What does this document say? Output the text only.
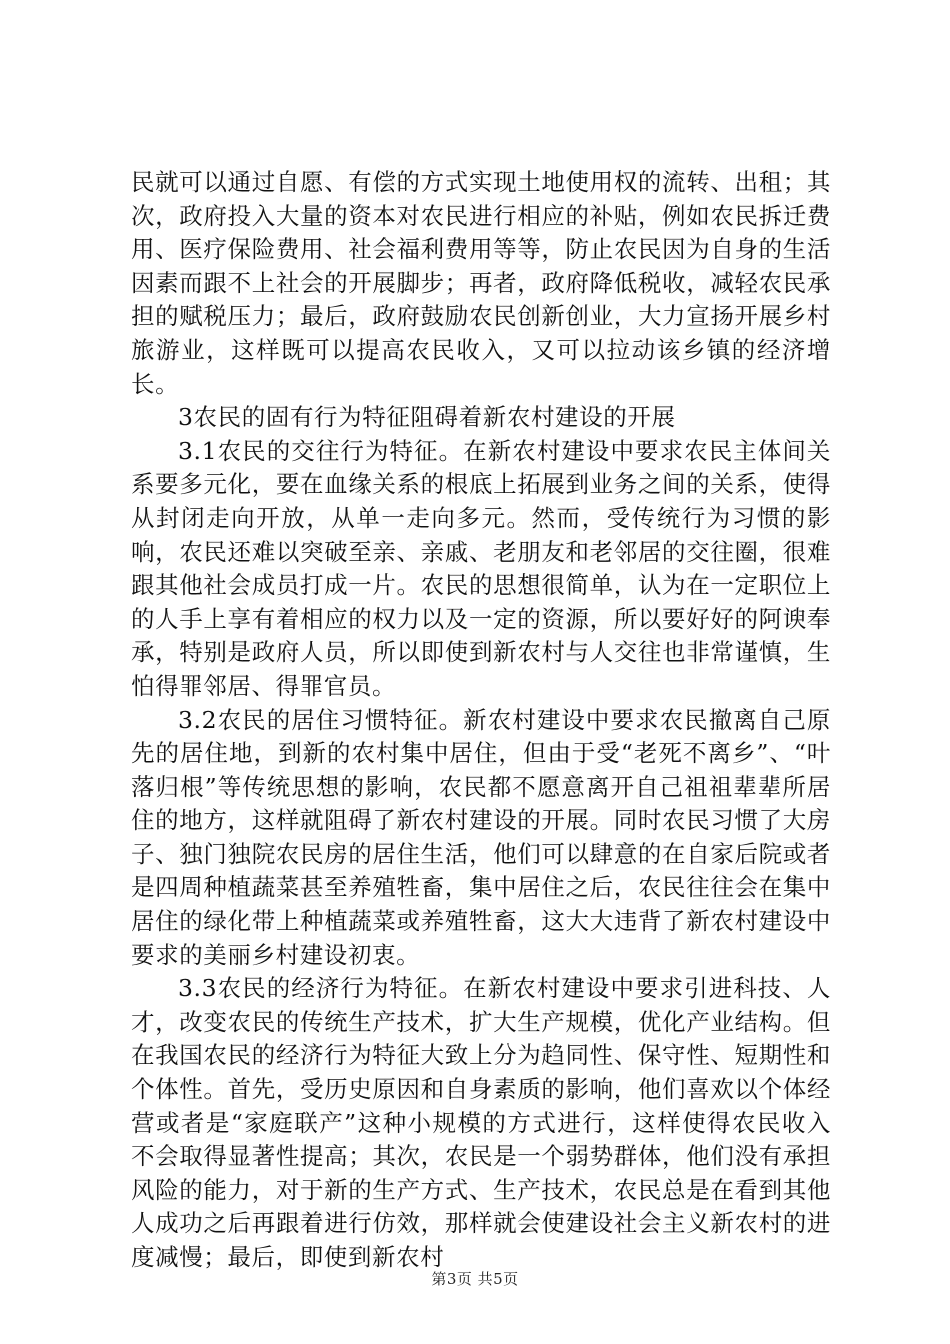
民就可以通过自愿、有偿的方式实现土地使用权的流转、出租；其次，政府投入大量的资本对农民进行相应的补贴，例如农民拆迁费用、医疗保险费用、社会福利费用等等，防止农民因为自身的生活因素而跟不上社会的开展脚步；再者，政府降低税收，减轻农民承担的赋税压力；最后，政府鼓励农民创新创业，大力宣扬开展乡村旅游业，这样既可以提高农民收入，又可以拉动该乡镇的经济增长。

3农民的固有行为特征阻碍着新农村建设的开展

3.1农民的交往行为特征。在新农村建设中要求农民主体间关系要多元化，要在血缘关系的根底上拓展到业务之间的关系，使得从封闭走向开放，从单一走向多元。然而，受传统行为习惯的影响，农民还难以突破至亲、亲戚、老朋友和老邻居的交往圈，很难跟其他社会成员打成一片。农民的思想很简单，认为在一定职位上的人手上享有着相应的权力以及一定的资源，所以要好好的阿谀奉承，特别是政府人员，所以即使到新农村与人交往也非常谨慎，生怕得罪邻居、得罪官员。

3.2农民的居住习惯特征。新农村建设中要求农民撤离自己原先的居住地，到新的农村集中居住，但由于受“老死不离乡”、“叶落归根”等传统思想的影响，农民都不愿意离开自己祖祖辈辈所居住的地方，这样就阻碍了新农村建设的开展。同时农民习惯了大房子、独门独院农民房的居住生活，他们可以肆意的在自家后院或者是四周种植蔬菜甚至养殖牲畜，集中居住之后，农民往往会在集中居住的绿化带上种植蔬菜或养殖牲畜，这大大违背了新农村建设中要求的美丽乡村建设初衷。

3.3农民的经济行为特征。在新农村建设中要求引进科技、人才，改变农民的传统生产技术，扩大生产规模，优化产业结构。但在我国农民的经济行为特征大致上分为趋同性、保守性、短期性和个体性。首先，受历史原因和自身素质的影响，他们喜欢以个体经营或者是“家庭联产”这种小规模的方式进行，这样使得农民收入不会取得显著性提高；其次，农民是一个弱势群体，他们没有承担风险的能力，对于新的生产方式、生产技术，农民总是在看到其他人成功之后再跟着进行仿效，那样就会使建设社会主义新农村的进度减慢；最后，即使到新农村

第3页 共5页
